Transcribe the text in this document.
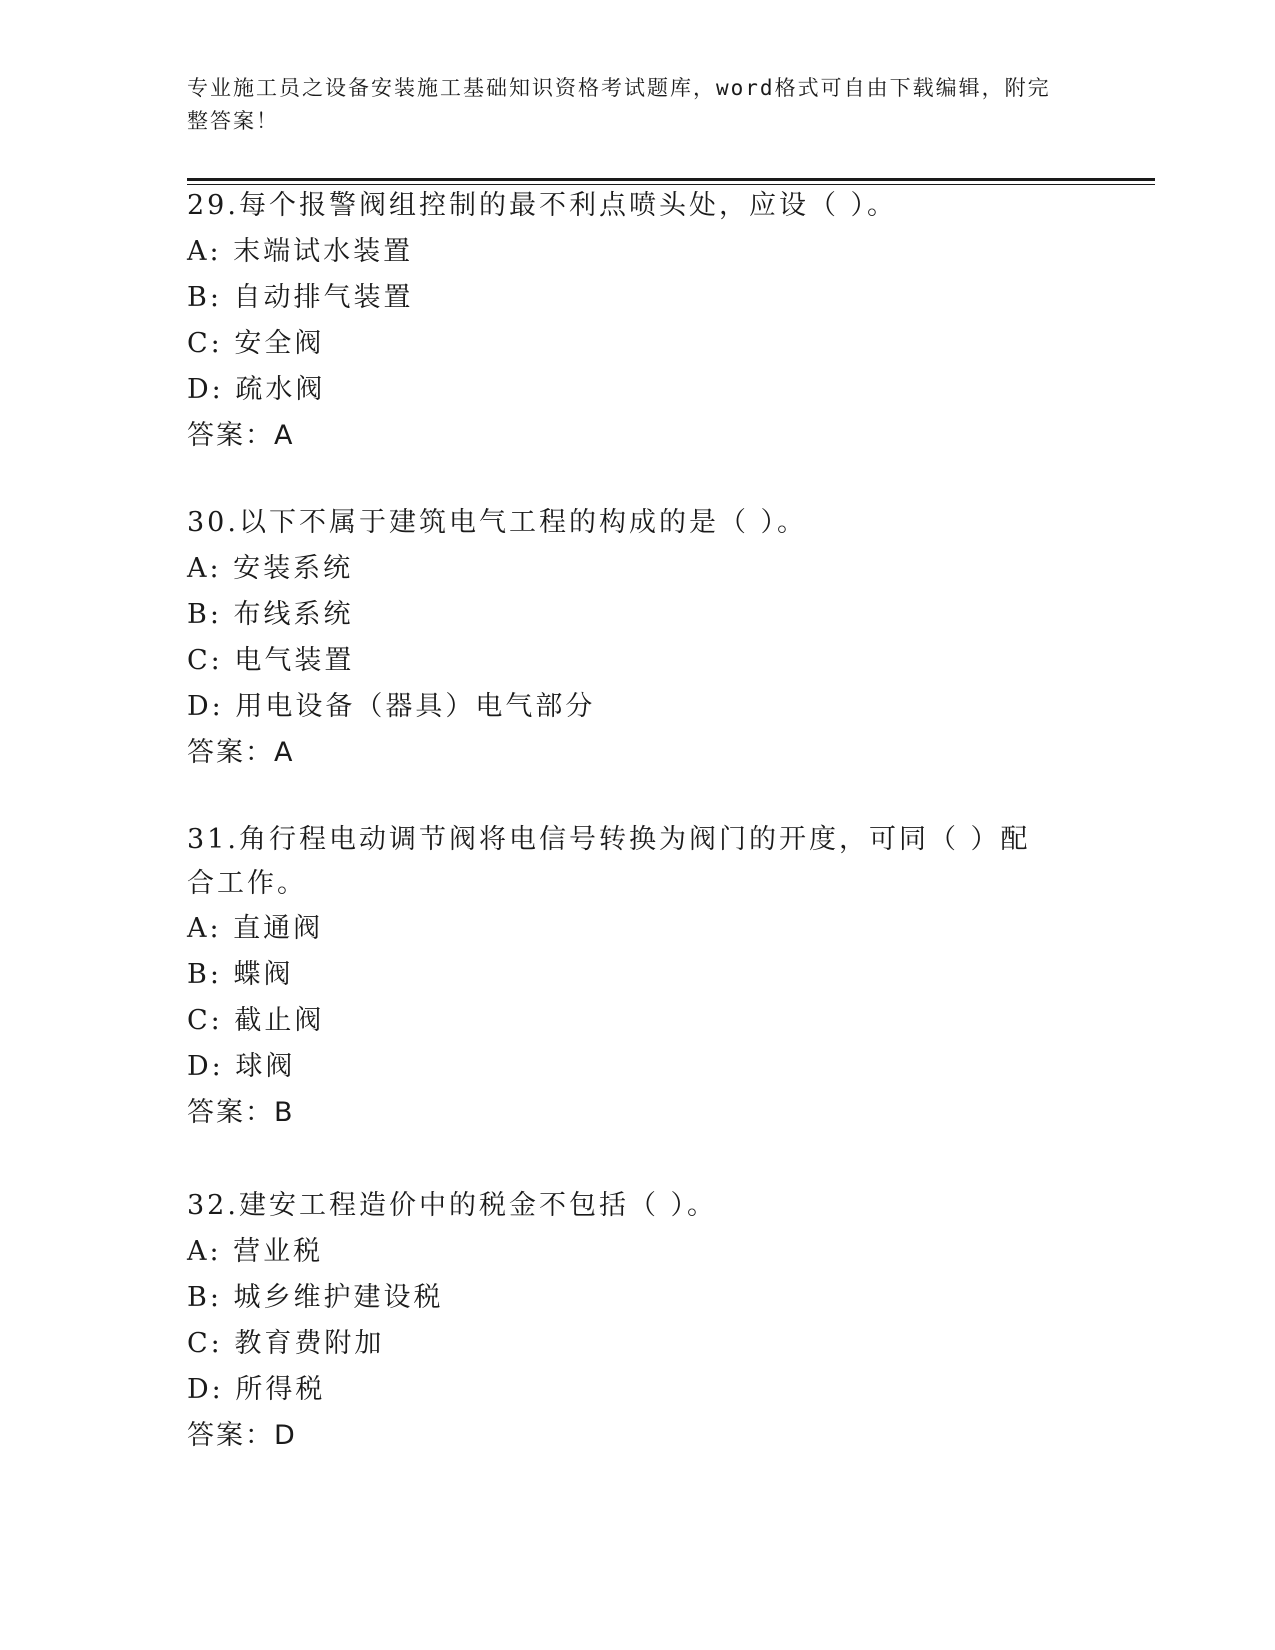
专业施工员之设备安装施工基础知识资格考试题库，word格式可自由下载编辑，附完整答案！
29.每个报警阀组控制的最不利点喷头处，应设（ ）。
A: 末端试水装置
B: 自动排气装置
C: 安全阀
D: 疏水阀
答案：A
30.以下不属于建筑电气工程的构成的是（ ）。
A: 安装系统
B: 布线系统
C: 电气装置
D: 用电设备（器具）电气部分
答案：A
31.角行程电动调节阀将电信号转换为阀门的开度，可同（ ）配合工作。
A: 直通阀
B: 蝶阀
C: 截止阀
D: 球阀
答案：B
32.建安工程造价中的税金不包括（ ）。
A: 营业税
B: 城乡维护建设税
C: 教育费附加
D: 所得税
答案：D
